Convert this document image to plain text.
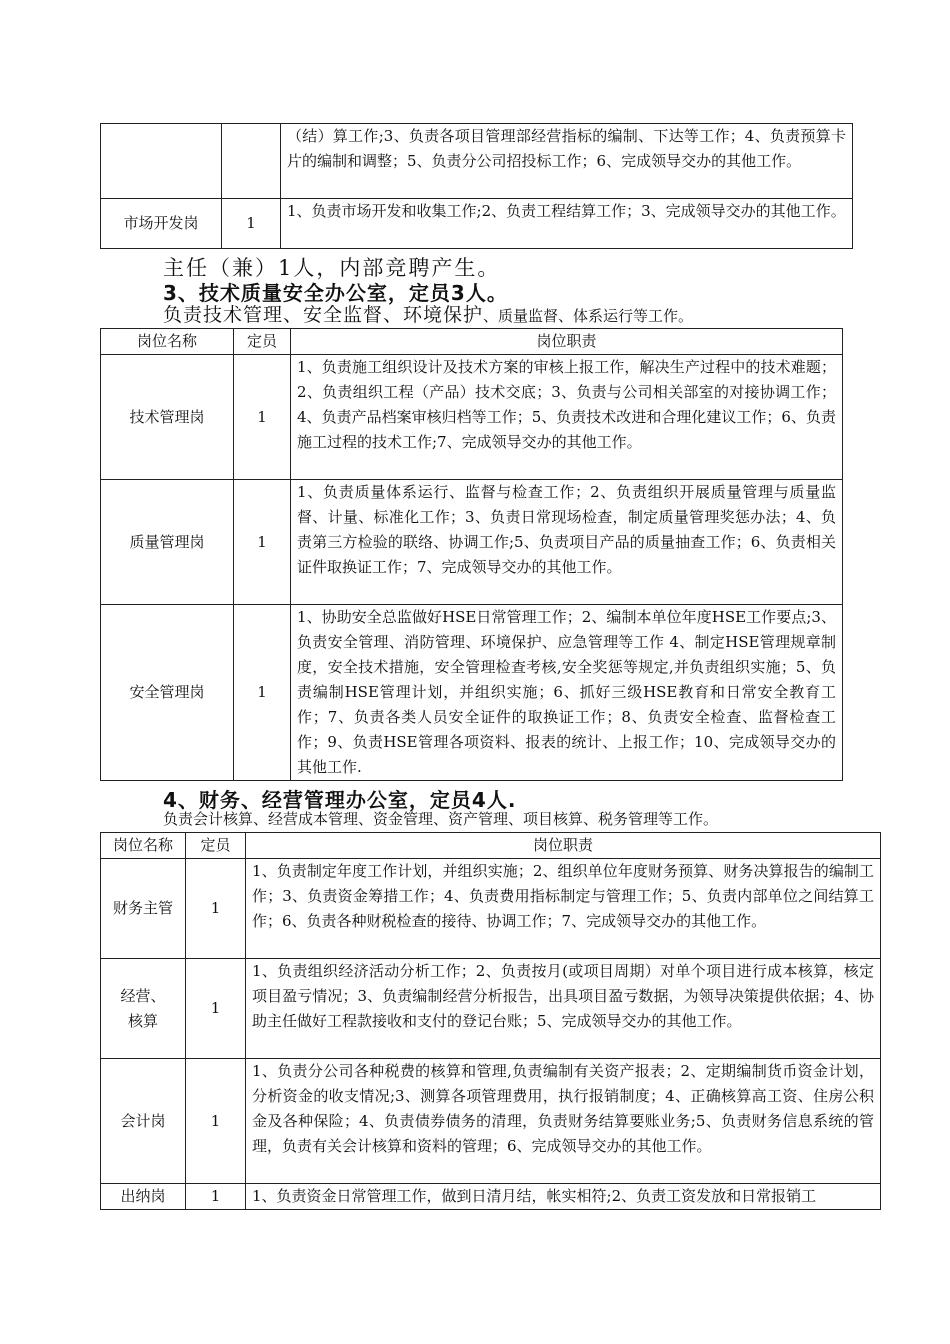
		（结）算工作;3、负责各项目管理部经营指标的编制、下达等工作；4、负责预算卡片的编制和调整；5、负责分公司招投标工作；6、完成领导交办的其他工作。
市场开发岗	1	1、负责市场开发和收集工作;2、负责工程结算工作；3、完成领导交办的其他工作。
主任（兼）1人，内部竞聘产生。
3、技术质量安全办公室，定员3人。
负责技术管理、安全监督、环境保护、质量监督、体系运行等工作。
岗位名称	定员	岗位职责
技术管理岗	1	1、负责施工组织设计及技术方案的审核上报工作，解决生产过程中的技术难题；2、负责组织工程（产品）技术交底；3、负责与公司相关部室的对接协调工作；4、负责产品档案审核归档等工作；5、负责技术改进和合理化建议工作；6、负责施工过程的技术工作;7、完成领导交办的其他工作。
质量管理岗	1	1、负责质量体系运行、监督与检查工作；2、负责组织开展质量管理与质量监督、计量、标准化工作；3、负责日常现场检查，制定质量管理奖惩办法；4、负责第三方检验的联络、协调工作;5、负责项目产品的质量抽查工作；6、负责相关证件取换证工作；7、完成领导交办的其他工作。
安全管理岗	1	1、协助安全总监做好HSE日常管理工作；2、编制本单位年度HSE工作要点;3、负责安全管理、消防管理、环境保护、应急管理等工作 4、制定HSE管理规章制度，安全技术措施，安全管理检查考核,安全奖惩等规定,并负责组织实施；5、负责编制HSE管理计划，并组织实施；6、抓好三级HSE教育和日常安全教育工作；7、负责各类人员安全证件的取换证工作；8、负责安全检查、监督检查工作；9、负责HSE管理各项资料、报表的统计、上报工作；10、完成领导交办的其他工作.
4、财务、经营管理办公室，定员4人.
负责会计核算、经营成本管理、资金管理、资产管理、项目核算、税务管理等工作。
岗位名称	定员	岗位职责
财务主管	1	1、负责制定年度工作计划，并组织实施；2、组织单位年度财务预算、财务决算报告的编制工作；3、负责资金筹措工作；4、负责费用指标制定与管理工作；5、负责内部单位之间结算工作；6、负责各种财税检查的接待、协调工作；7、完成领导交办的其他工作。
经营、核算	1	1、负责组织经济活动分析工作；2、负责按月(或项目周期）对单个项目进行成本核算，核定项目盈亏情况；3、负责编制经营分析报告，出具项目盈亏数据，为领导决策提供依据；4、协助主任做好工程款接收和支付的登记台账；5、完成领导交办的其他工作。
会计岗	1	1、负责分公司各种税费的核算和管理,负责编制有关资产报表；2、定期编制货币资金计划，分析资金的收支情况;3、测算各项管理费用，执行报销制度；4、正确核算高工资、住房公积金及各种保险；4、负责债券债务的清理，负责财务结算要账业务;5、负责财务信息系统的管理，负责有关会计核算和资料的管理；6、完成领导交办的其他工作。
出纳岗	1	1、负责资金日常管理工作，做到日清月结，帐实相符;2、负责工资发放和日常报销工
